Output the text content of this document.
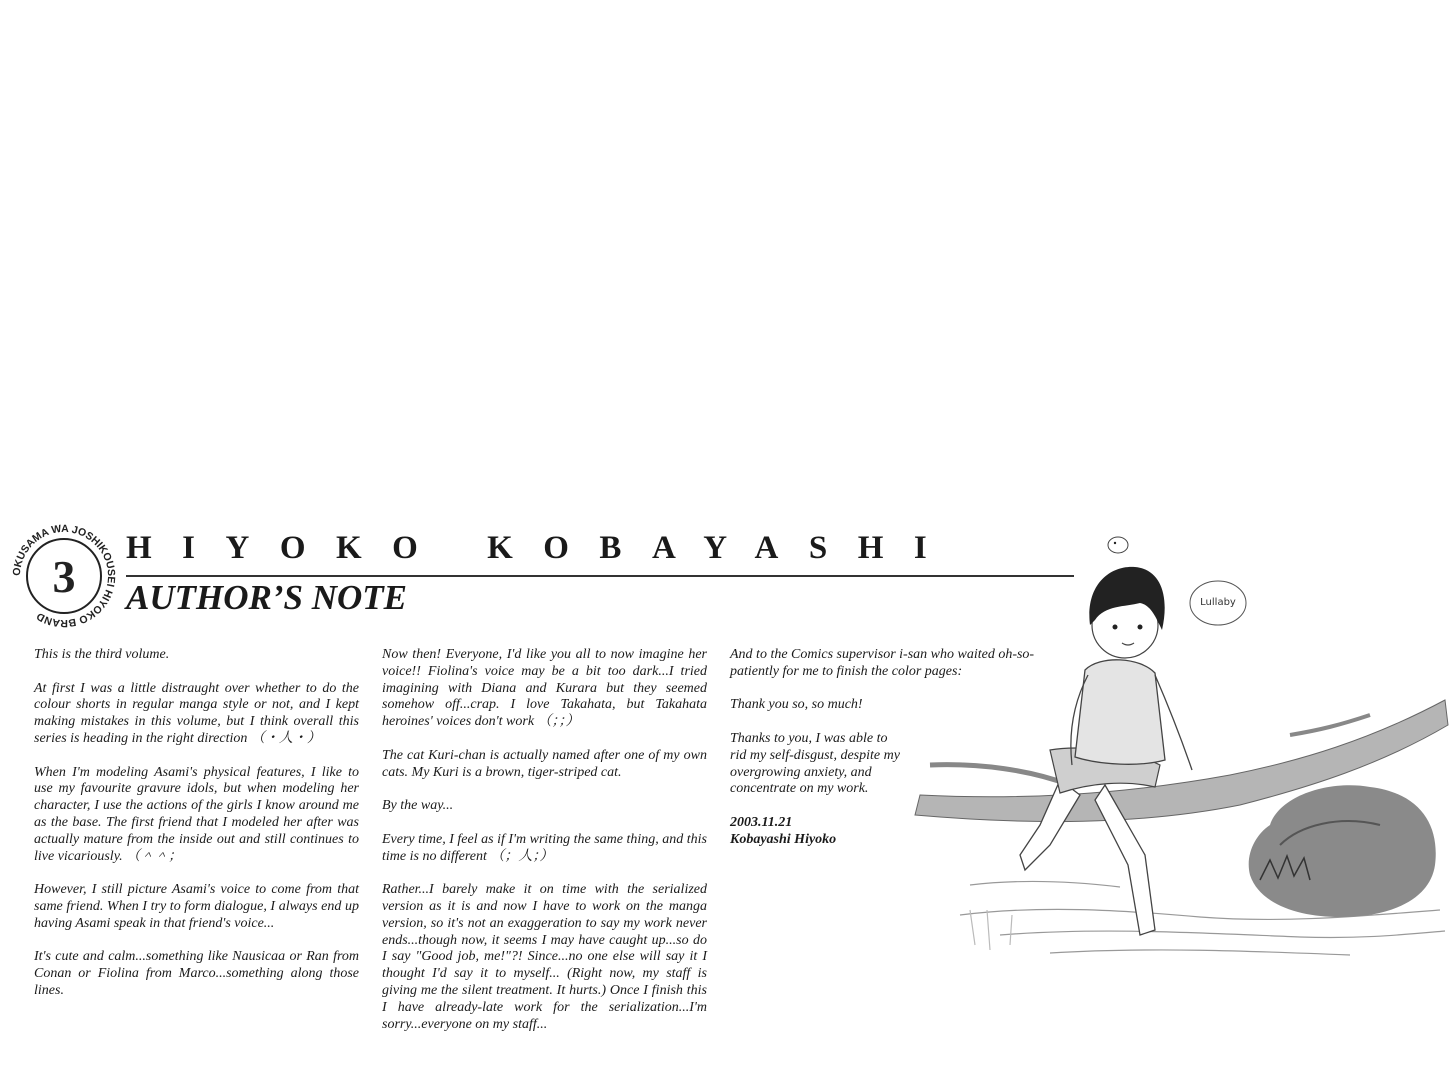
OKUSAMA WA JOSHIKOUSEI HIYOKO BRAND
3
HIYOKO KOBAYASHI
AUTHOR’S NOTE

This is the third volume.

At first I was a little distraught over whether to do the colour shorts in regular manga style or not, and I kept making mistakes in this volume, but I think overall this series is heading in the right direction （・人・）

When I'm modeling Asami's physical features, I like to use my favourite gravure idols, but when modeling her character, I use the actions of the girls I know around me as the base. The first friend that I modeled her after was actually mature from the inside out and still continues to live vicariously. （＾＾；

However, I still picture Asami's voice to come from that same friend. When I try to form dialogue, I always end up having Asami speak in that friend's voice...

It's cute and calm...something like Nausicaa or Ran from Conan or Fiolina from Marco...something along those lines.

Now then! Everyone, I'd like you all to now imagine her voice!! Fiolina's voice may be a bit too dark...I tried imagining with Diana and Kurara but they seemed somehow off...crap. I love Takahata, but Takahata heroines' voices don't work （；；）

The cat Kuri-chan is actually named after one of my own cats. My Kuri is a brown, tiger-striped cat.

By the way...

Every time, I feel as if I'm writing the same thing, and this time is no different （；人；）

Rather...I barely make it on time with the serialized version as it is and now I have to work on the manga version, so it's not an exaggeration to say my work never ends...though now, it seems I may have caught up...so do I say "Good job, me!"?! Since...no one else will say it I thought I'd say it to myself... (Right now, my staff is giving me the silent treatment. It hurts.) Once I finish this I have already-late work for the serialization...I'm sorry...everyone on my staff...

And to the Comics supervisor i-san who waited oh-so-patiently for me to finish the color pages:

Thank you so, so much!

Thanks to you, I was able to rid my self-disgust, despite my overgrowing anxiety, and concentrate on my work.

2003.11.21
Kobayashi Hiyoko
Lullaby
